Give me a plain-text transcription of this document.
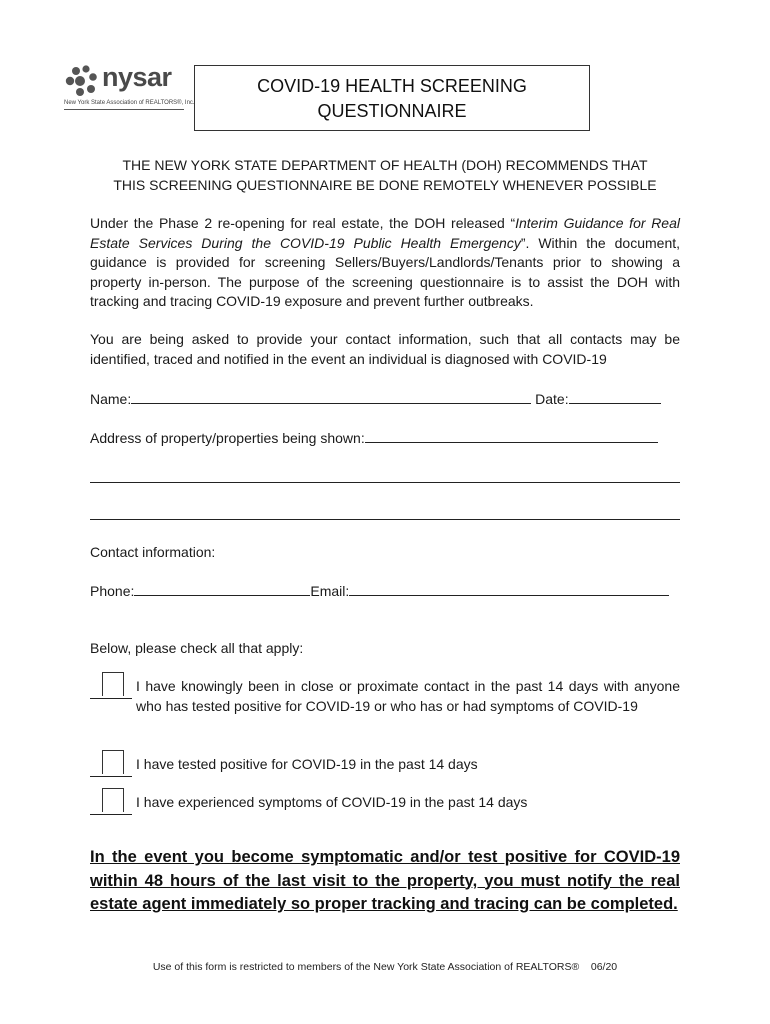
nysar
New York State Association of REALTORS®, Inc.
COVID-19 HEALTH SCREENING
QUESTIONNAIRE
THE NEW YORK STATE DEPARTMENT OF HEALTH (DOH) RECOMMENDS THAT
THIS SCREENING QUESTIONNAIRE BE DONE REMOTELY WHENEVER POSSIBLE
Under the Phase 2 re-opening for real estate, the DOH released “Interim Guidance for Real Estate Services During the COVID-19 Public Health Emergency”. Within the document, guidance is provided for screening Sellers/Buyers/Landlords/Tenants prior to showing a property in-person. The purpose of the screening questionnaire is to assist the DOH with tracking and tracing COVID-19 exposure and prevent further outbreaks.
You are being asked to provide your contact information, such that all contacts may be identified, traced and notified in the event an individual is diagnosed with COVID-19
Name:	Date:
Address of property/properties being shown:
Contact information:
Phone:	Email:
Below, please check all that apply:
I have knowingly been in close or proximate contact in the past 14 days with anyone who has tested positive for COVID-19 or who has or had symptoms of COVID-19
I have tested positive for COVID-19 in the past 14 days
I have experienced symptoms of COVID-19 in the past 14 days
In the event you become symptomatic and/or test positive for COVID-19 within 48 hours of the last visit to the property, you must notify the real estate agent immediately so proper tracking and tracing can be completed.
Use of this form is restricted to members of the New York State Association of REALTORS® 06/20
